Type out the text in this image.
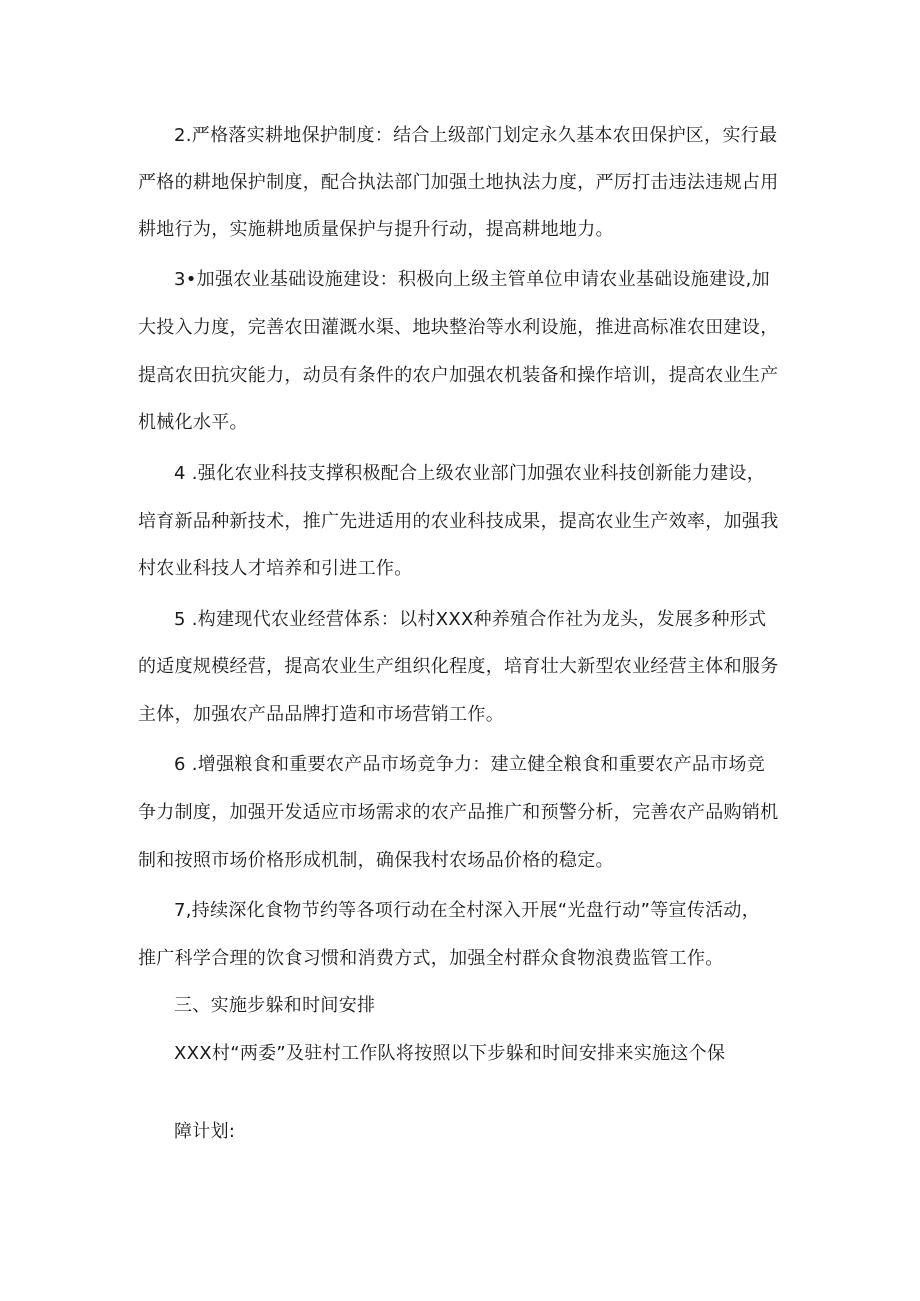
2.严格落实耕地保护制度：结合上级部门划定永久基本农田保护区，实行最
严格的耕地保护制度，配合执法部门加强土地执法力度，严厉打击违法违规占用
耕地行为，实施耕地质量保护与提升行动，提高耕地地力。
3•加强农业基础设施建设：积极向上级主管单位申请农业基础设施建设,加
大投入力度，完善农田灌溉水渠、地块整治等水利设施，推进高标准农田建设，
提高农田抗灾能力，动员有条件的农户加强农机装备和操作培训，提高农业生产
机械化水平。
4 .强化农业科技支撑积极配合上级农业部门加强农业科技创新能力建设，
培育新品种新技术，推广先进适用的农业科技成果，提高农业生产效率，加强我
村农业科技人才培养和引进工作。
5 .构建现代农业经营体系：以村XXX种养殖合作社为龙头，发展多种形式
的适度规模经营，提高农业生产组织化程度，培育壮大新型农业经营主体和服务
主体，加强农产品品牌打造和市场营销工作。
6 .增强粮食和重要农产品市场竞争力：建立健全粮食和重要农产品市场竞
争力制度，加强开发适应市场需求的农产品推广和预警分析，完善农产品购销机
制和按照市场价格形成机制，确保我村农场品价格的稳定。
7,持续深化食物节约等各项行动在全村深入开展“光盘行动”等宣传活动，
推广科学合理的饮食习惯和消费方式，加强全村群众食物浪费监管工作。
三、实施步躲和时间安排
XXX村“两委”及驻村工作队将按照以下步躲和时间安排来实施这个保
障计划:
